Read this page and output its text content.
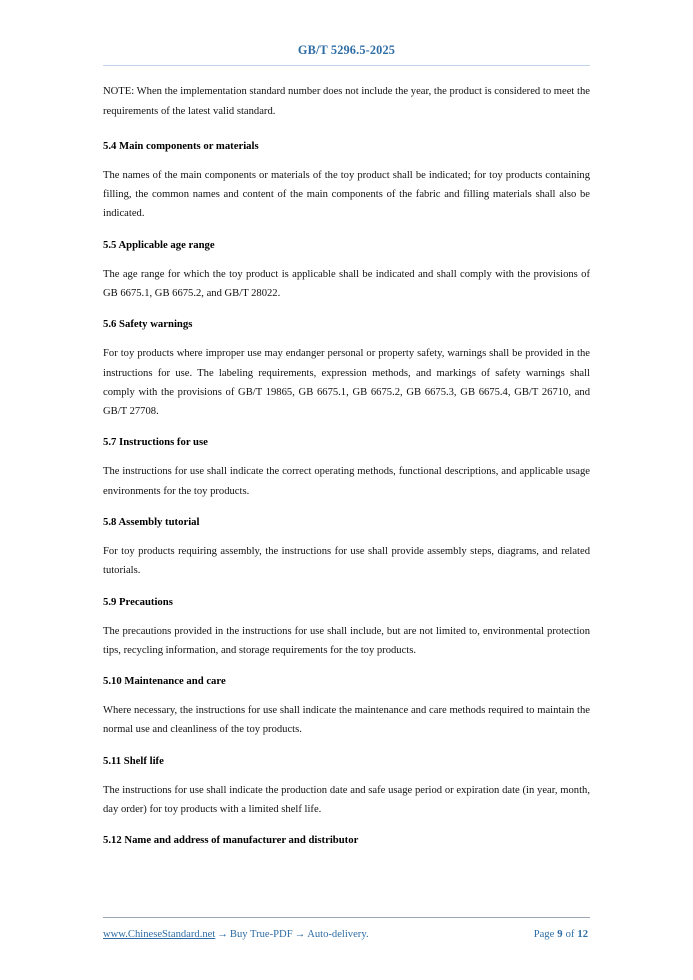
GB/T 5296.5-2025

NOTE: When the implementation standard number does not include the year, the product is considered to meet the requirements of the latest valid standard.

5.4 Main components or materials

The names of the main components or materials of the toy product shall be indicated; for toy products containing filling, the common names and content of the main components of the fabric and filling materials shall also be indicated.

5.5 Applicable age range

The age range for which the toy product is applicable shall be indicated and shall comply with the provisions of GB 6675.1, GB 6675.2, and GB/T 28022.

5.6 Safety warnings

For toy products where improper use may endanger personal or property safety, warnings shall be provided in the instructions for use. The labeling requirements, expression methods, and markings of safety warnings shall comply with the provisions of GB/T 19865, GB 6675.1, GB 6675.2, GB 6675.3, GB 6675.4, GB/T 26710, and GB/T 27708.

5.7 Instructions for use

The instructions for use shall indicate the correct operating methods, functional descriptions, and applicable usage environments for the toy products.

5.8 Assembly tutorial

For toy products requiring assembly, the instructions for use shall provide assembly steps, diagrams, and related tutorials.

5.9 Precautions

The precautions provided in the instructions for use shall include, but are not limited to, environmental protection tips, recycling information, and storage requirements for the toy products.

5.10 Maintenance and care

Where necessary, the instructions for use shall indicate the maintenance and care methods required to maintain the normal use and cleanliness of the toy products.

5.11 Shelf life

The instructions for use shall indicate the production date and safe usage period or expiration date (in year, month, day order) for toy products with a limited shelf life.

5.12 Name and address of manufacturer and distributor
www.ChineseStandard.net → Buy True-PDF → Auto-delivery.	Page 9 of 12
